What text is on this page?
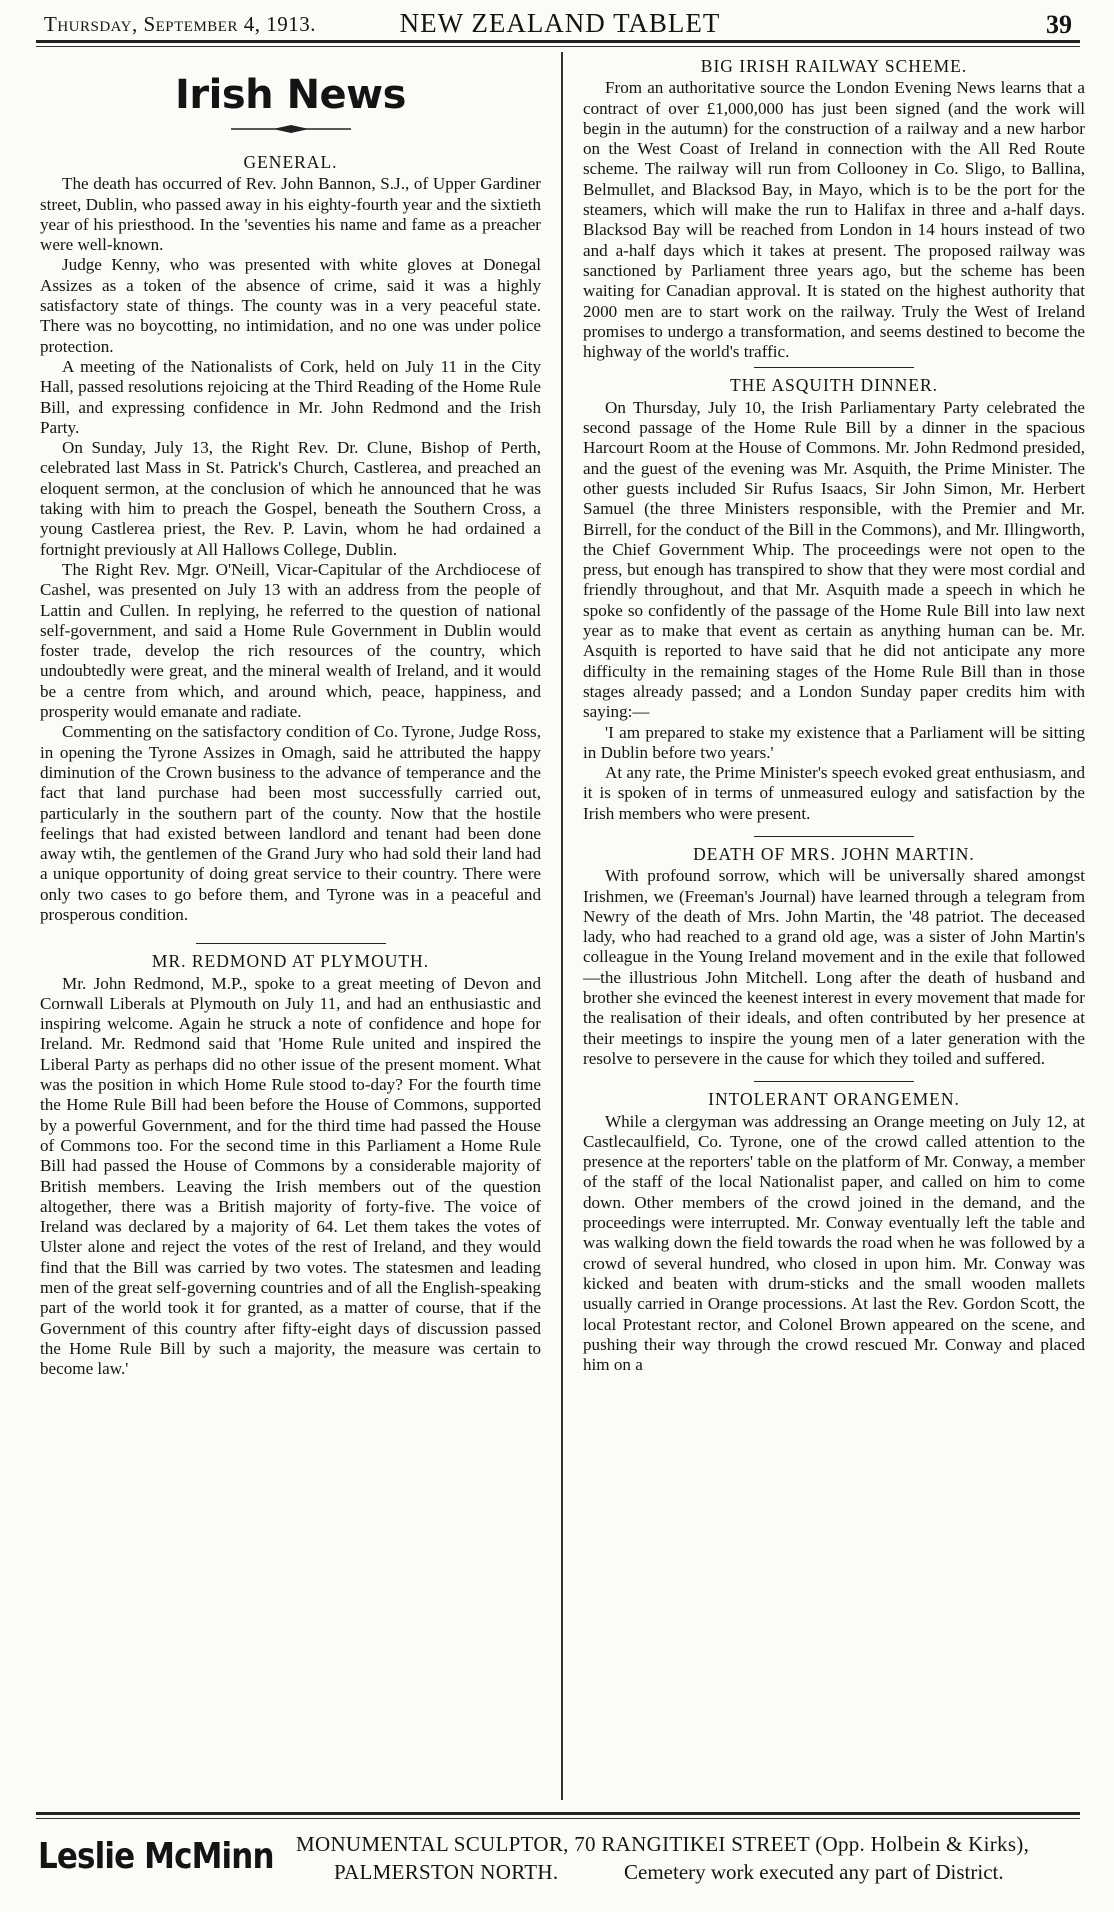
Thursday, September 4, 1913.	NEW ZEALAND TABLET	39
Irish News
GENERAL.

The death has occurred of Rev. John Bannon, S.J., of Upper Gardiner street, Dublin, who passed away in his eighty-fourth year and the sixtieth year of his priesthood. In the 'seventies his name and fame as a preacher were well-known.

Judge Kenny, who was presented with white gloves at Donegal Assizes as a token of the absence of crime, said it was a highly satisfactory state of things. The county was in a very peaceful state. There was no boycotting, no intimidation, and no one was under police protection.

A meeting of the Nationalists of Cork, held on July 11 in the City Hall, passed resolutions rejoicing at the Third Reading of the Home Rule Bill, and expressing confidence in Mr. John Redmond and the Irish Party.

On Sunday, July 13, the Right Rev. Dr. Clune, Bishop of Perth, celebrated last Mass in St. Patrick's Church, Castlerea, and preached an eloquent sermon, at the conclusion of which he announced that he was taking with him to preach the Gospel, beneath the Southern Cross, a young Castlerea priest, the Rev. P. Lavin, whom he had ordained a fortnight previously at All Hallows College, Dublin.

The Right Rev. Mgr. O'Neill, Vicar-Capitular of the Archdiocese of Cashel, was presented on July 13 with an address from the people of Lattin and Cullen. In replying, he referred to the question of national self-government, and said a Home Rule Government in Dublin would foster trade, develop the rich resources of the country, which undoubtedly were great, and the mineral wealth of Ireland, and it would be a centre from which, and around which, peace, happiness, and prosperity would emanate and radiate.

Commenting on the satisfactory condition of Co. Tyrone, Judge Ross, in opening the Tyrone Assizes in Omagh, said he attributed the happy diminution of the Crown business to the advance of temperance and the fact that land purchase had been most successfully carried out, particularly in the southern part of the county. Now that the hostile feelings that had existed between landlord and tenant had been done away wtih, the gentlemen of the Grand Jury who had sold their land had a unique opportunity of doing great service to their country. There were only two cases to go before them, and Tyrone was in a peaceful and prosperous condition.

MR. REDMOND AT PLYMOUTH.

Mr. John Redmond, M.P., spoke to a great meeting of Devon and Cornwall Liberals at Plymouth on July 11, and had an enthusiastic and inspiring welcome. Again he struck a note of confidence and hope for Ireland. Mr. Redmond said that 'Home Rule united and inspired the Liberal Party as perhaps did no other issue of the present moment. What was the position in which Home Rule stood to-day? For the fourth time the Home Rule Bill had been before the House of Commons, supported by a powerful Government, and for the third time had passed the House of Commons too. For the second time in this Parliament a Home Rule Bill had passed the House of Commons by a considerable majority of British members. Leaving the Irish members out of the question altogether, there was a British majority of forty-five. The voice of Ireland was declared by a majority of 64. Let them takes the votes of Ulster alone and reject the votes of the rest of Ireland, and they would find that the Bill was carried by two votes. The statesmen and leading men of the great self-governing countries and of all the English-speaking part of the world took it for granted, as a matter of course, that if the Government of this country after fifty-eight days of discussion passed the Home Rule Bill by such a majority, the measure was certain to become law.'

BIG IRISH RAILWAY SCHEME.

From an authoritative source the London Evening News learns that a contract of over £1,000,000 has just been signed (and the work will begin in the autumn) for the construction of a railway and a new harbor on the West Coast of Ireland in connection with the All Red Route scheme. The railway will run from Collooney in Co. Sligo, to Ballina, Belmullet, and Blacksod Bay, in Mayo, which is to be the port for the steamers, which will make the run to Halifax in three and a-half days. Blacksod Bay will be reached from London in 14 hours instead of two and a-half days which it takes at present. The proposed railway was sanctioned by Parliament three years ago, but the scheme has been waiting for Canadian approval. It is stated on the highest authority that 2000 men are to start work on the railway. Truly the West of Ireland promises to undergo a transformation, and seems destined to become the highway of the world's traffic.

THE ASQUITH DINNER.

On Thursday, July 10, the Irish Parliamentary Party celebrated the second passage of the Home Rule Bill by a dinner in the spacious Harcourt Room at the House of Commons. Mr. John Redmond presided, and the guest of the evening was Mr. Asquith, the Prime Minister. The other guests included Sir Rufus Isaacs, Sir John Simon, Mr. Herbert Samuel (the three Ministers responsible, with the Premier and Mr. Birrell, for the conduct of the Bill in the Commons), and Mr. Illingworth, the Chief Government Whip. The proceedings were not open to the press, but enough has transpired to show that they were most cordial and friendly throughout, and that Mr. Asquith made a speech in which he spoke so confidently of the passage of the Home Rule Bill into law next year as to make that event as certain as anything human can be. Mr. Asquith is reported to have said that he did not anticipate any more difficulty in the remaining stages of the Home Rule Bill than in those stages already passed; and a London Sunday paper credits him with saying:—

'I am prepared to stake my existence that a Parliament will be sitting in Dublin before two years.'

At any rate, the Prime Minister's speech evoked great enthusiasm, and it is spoken of in terms of unmeasured eulogy and satisfaction by the Irish members who were present.

DEATH OF MRS. JOHN MARTIN.

With profound sorrow, which will be universally shared amongst Irishmen, we (Freeman's Journal) have learned through a telegram from Newry of the death of Mrs. John Martin, the '48 patriot. The deceased lady, who had reached to a grand old age, was a sister of John Martin's colleague in the Young Ireland movement and in the exile that followed—the illustrious John Mitchell. Long after the death of husband and brother she evinced the keenest interest in every movement that made for the realisation of their ideals, and often contributed by her presence at their meetings to inspire the young men of a later generation with the resolve to persevere in the cause for which they toiled and suffered.

INTOLERANT ORANGEMEN.

While a clergyman was addressing an Orange meeting on July 12, at Castlecaulfield, Co. Tyrone, one of the crowd called attention to the presence at the reporters' table on the platform of Mr. Conway, a member of the staff of the local Nationalist paper, and called on him to come down. Other members of the crowd joined in the demand, and the proceedings were interrupted. Mr. Conway eventually left the table and was walking down the field towards the road when he was followed by a crowd of several hundred, who closed in upon him. Mr. Conway was kicked and beaten with drum-sticks and the small wooden mallets usually carried in Orange processions. At last the Rev. Gordon Scott, the local Protestant rector, and Colonel Brown appeared on the scene, and pushing their way through the crowd rescued Mr. Conway and placed him on a

Leslie McMinn MONUMENTAL SCULPTOR, 70 RANGITIKEI STREET (Opp. Holbein & Kirks),
PALMERSTON NORTH.	Cemetery work executed any part of District.
